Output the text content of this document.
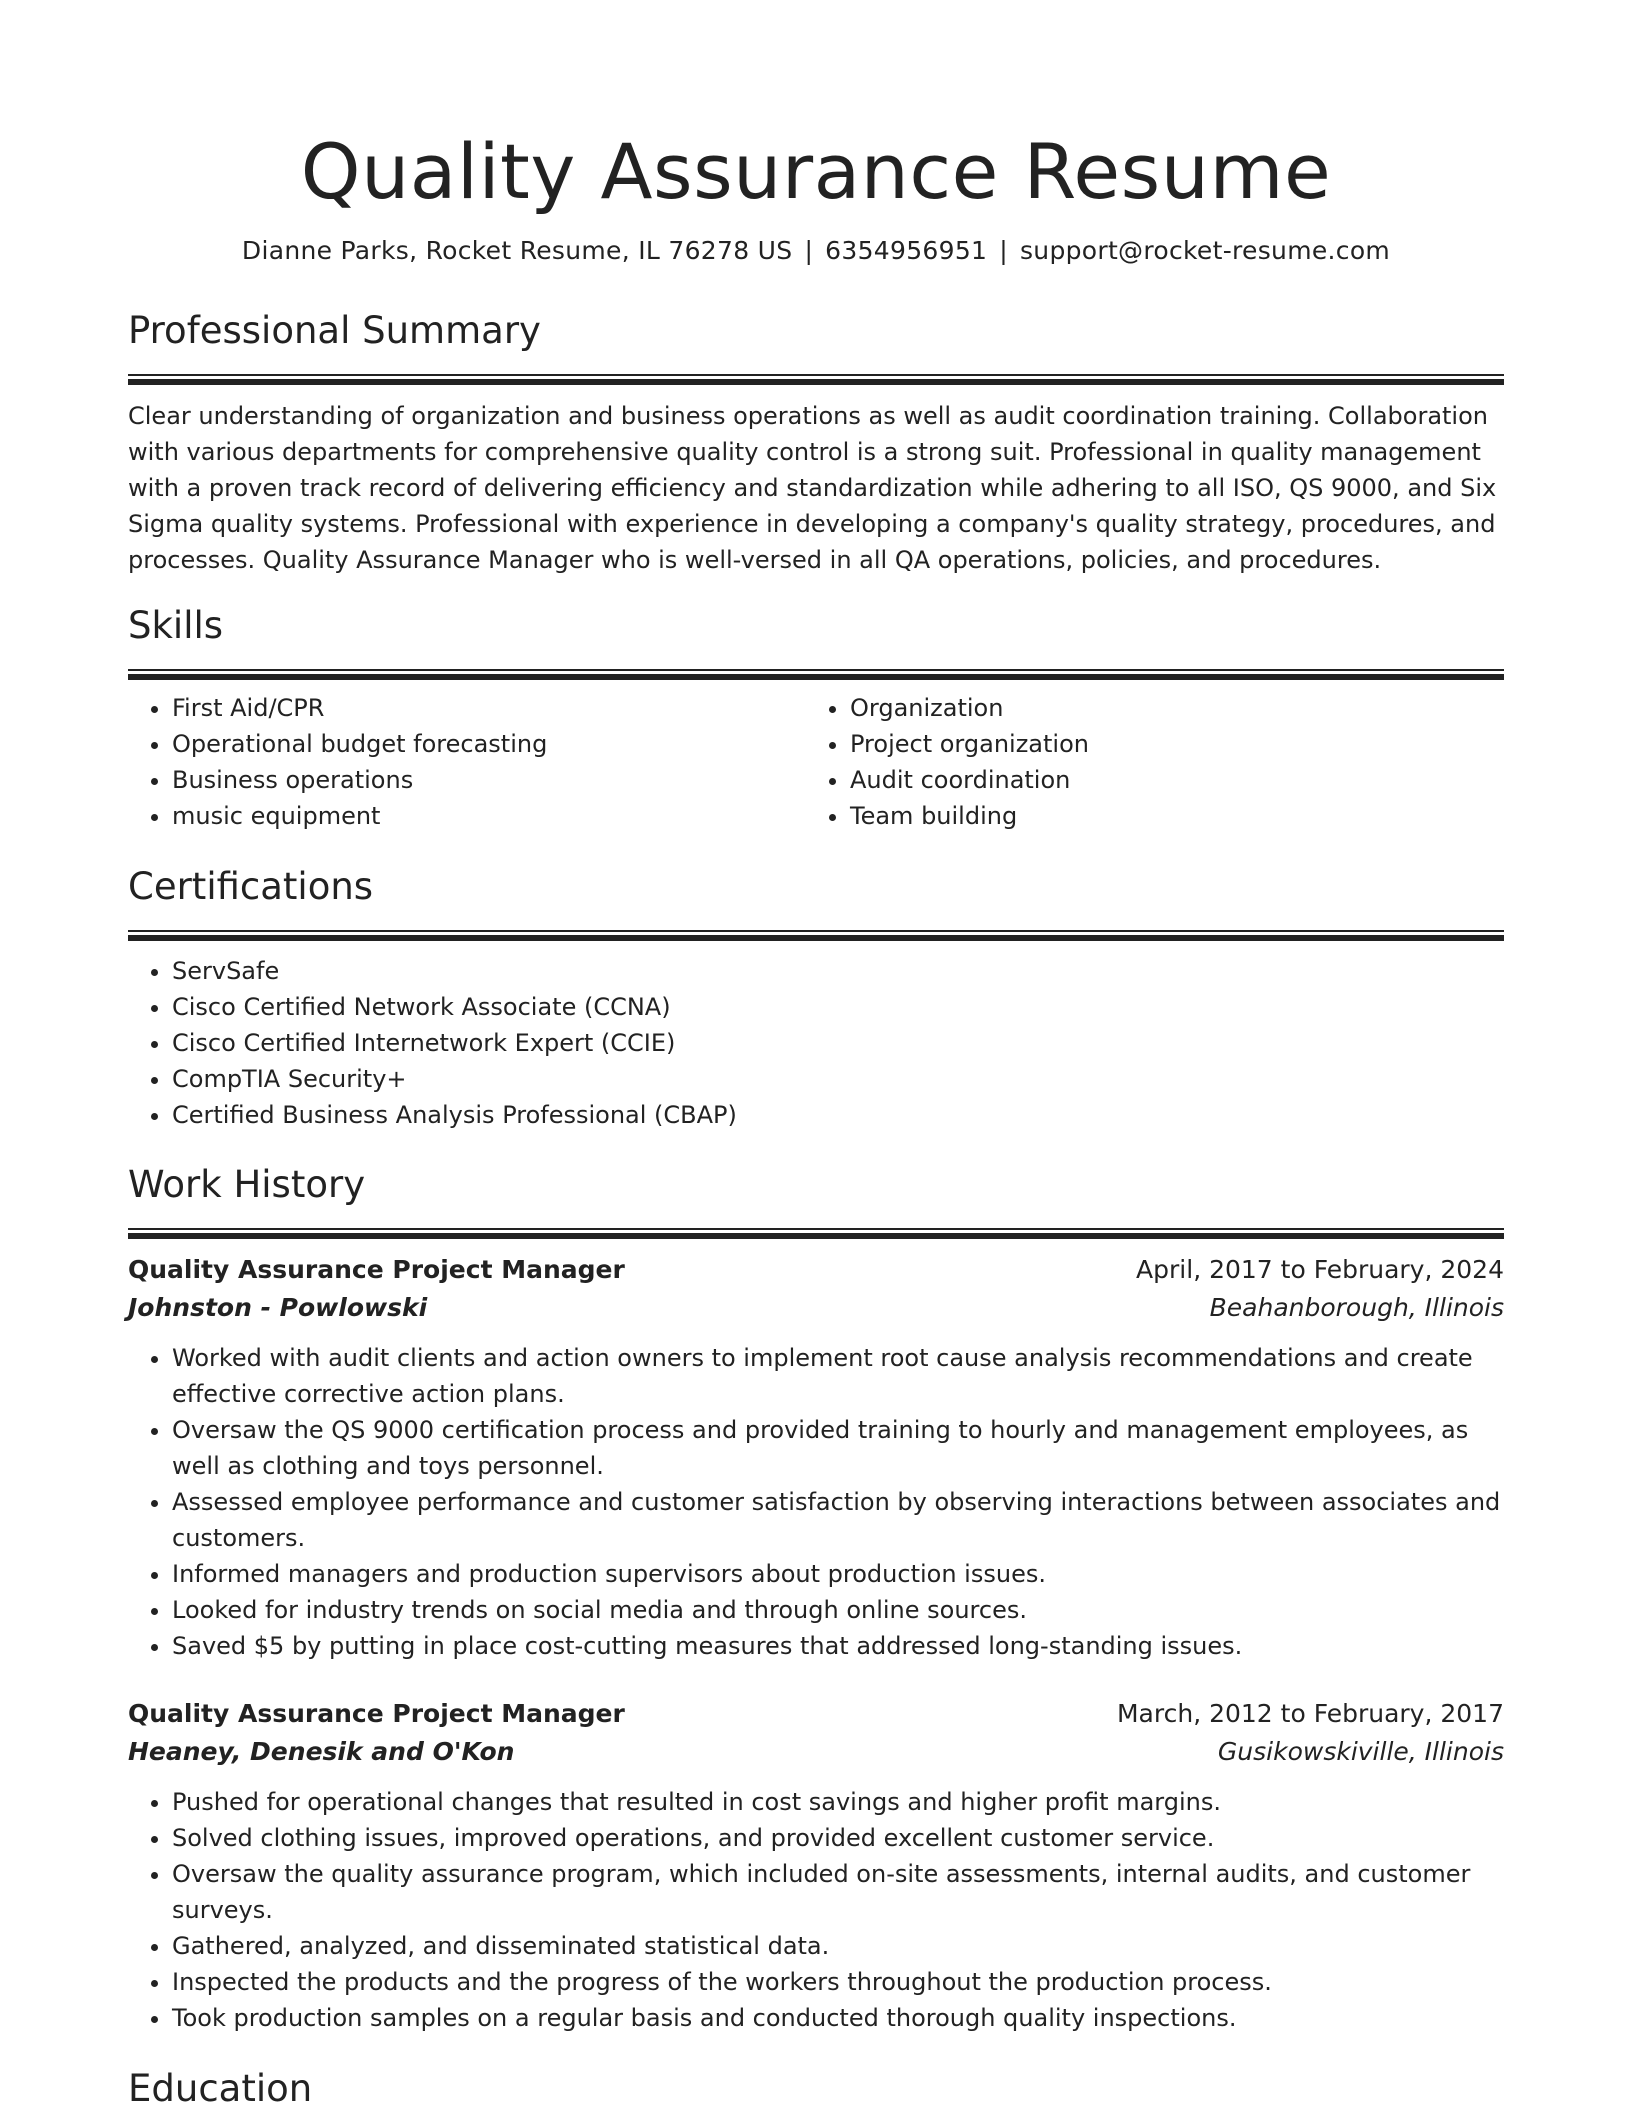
Quality Assurance Resume
Dianne Parks, Rocket Resume, IL 76278 US | 6354956951 | support@rocket-resume.com
Professional Summary

Clear understanding of organization and business operations as well as audit coordination training. Collaboration with various departments for comprehensive quality control is a strong suit. Professional in quality management with a proven track record of delivering efficiency and standardization while adhering to all ISO, QS 9000, and Six Sigma quality systems. Professional with experience in developing a company's quality strategy, procedures, and processes. Quality Assurance Manager who is well-versed in all QA operations, policies, and procedures.

Skills
• First Aid/CPR
• Operational budget forecasting
• Business operations
• music equipment
• Organization
• Project organization
• Audit coordination
• Team building
Certifications
• ServSafe
• Cisco Certified Network Associate (CCNA)
• Cisco Certified Internetwork Expert (CCIE)
• CompTIA Security+
• Certified Business Analysis Professional (CBAP)
Work History
Quality Assurance Project Manager	April, 2017 to February, 2024
Johnston - Powlowski	Beahanborough, Illinois
• Worked with audit clients and action owners to implement root cause analysis recommendations and create effective corrective action plans.
• Oversaw the QS 9000 certification process and provided training to hourly and management employees, as well as clothing and toys personnel.
• Assessed employee performance and customer satisfaction by observing interactions between associates and customers.
• Informed managers and production supervisors about production issues.
• Looked for industry trends on social media and through online sources.
• Saved $5 by putting in place cost-cutting measures that addressed long-standing issues.
Quality Assurance Project Manager	March, 2012 to February, 2017
Heaney, Denesik and O'Kon	Gusikowskiville, Illinois
• Pushed for operational changes that resulted in cost savings and higher profit margins.
• Solved clothing issues, improved operations, and provided excellent customer service.
• Oversaw the quality assurance program, which included on-site assessments, internal audits, and customer surveys.
• Gathered, analyzed, and disseminated statistical data.
• Inspected the products and the progress of the workers throughout the production process.
• Took production samples on a regular basis and conducted thorough quality inspections.
Education
